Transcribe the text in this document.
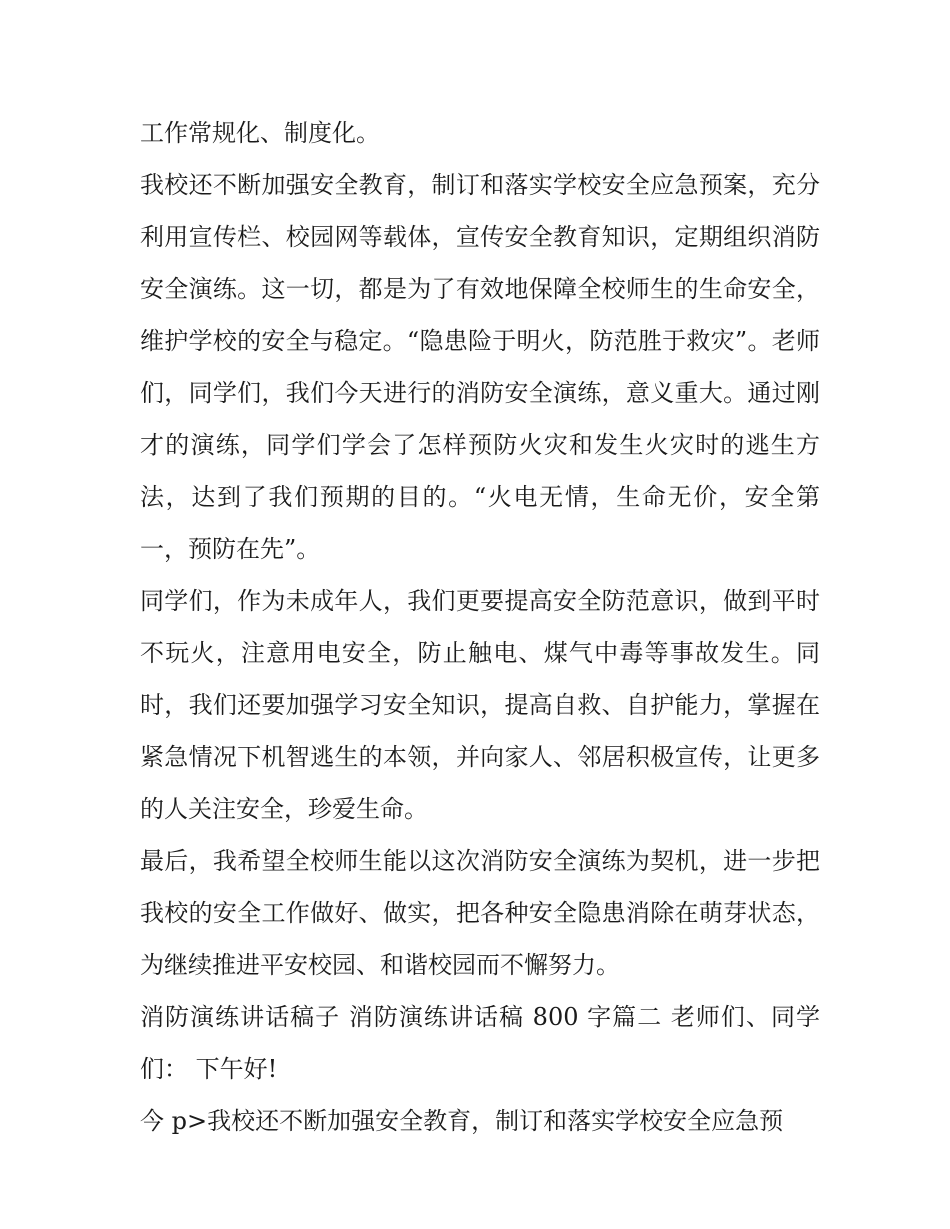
工作常规化、制度化。

我校还不断加强安全教育，制订和落实学校安全应急预案，充分利用宣传栏、校园网等载体，宣传安全教育知识，定期组织消防安全演练。这一切，都是为了有效地保障全校师生的生命安全，维护学校的安全与稳定。“隐患险于明火，防范胜于救灾”。老师们，同学们，我们今天进行的消防安全演练，意义重大。通过刚才的演练，同学们学会了怎样预防火灾和发生火灾时的逃生方法，达到了我们预期的目的。“火电无情，生命无价，安全第一，预防在先”。

同学们，作为未成年人，我们更要提高安全防范意识，做到平时不玩火，注意用电安全，防止触电、煤气中毒等事故发生。同时，我们还要加强学习安全知识，提高自救、自护能力，掌握在紧急情况下机智逃生的本领，并向家人、邻居积极宣传，让更多的人关注安全，珍爱生命。

最后，我希望全校师生能以这次消防安全演练为契机，进一步把我校的安全工作做好、做实，把各种安全隐患消除在萌芽状态，为继续推进平安校园、和谐校园而不懈努力。

消防演练讲话稿子 消防演练讲话稿 800 字篇二 老师们、同学们： 下午好!

今 p>我校还不断加强安全教育，制订和落实学校安全应急预
